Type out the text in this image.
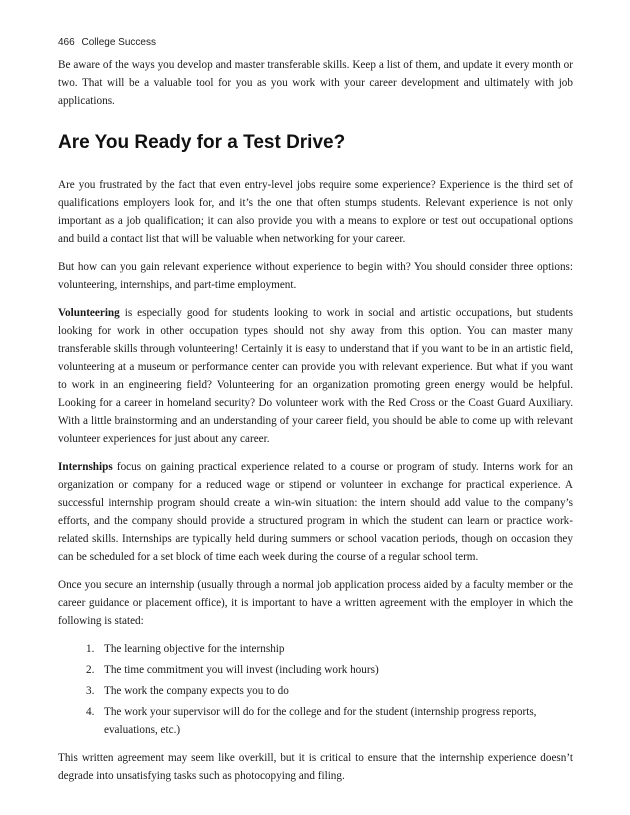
466 College Success

Be aware of the ways you develop and master transferable skills. Keep a list of them, and update it every month or two. That will be a valuable tool for you as you work with your career development and ultimately with job applications.

Are You Ready for a Test Drive?

Are you frustrated by the fact that even entry-level jobs require some experience? Experience is the third set of qualifications employers look for, and it’s the one that often stumps students. Relevant experience is not only important as a job qualification; it can also provide you with a means to explore or test out occupational options and build a contact list that will be valuable when networking for your career.

But how can you gain relevant experience without experience to begin with? You should consider three options: volunteering, internships, and part-time employment.

Volunteering is especially good for students looking to work in social and artistic occupations, but students looking for work in other occupation types should not shy away from this option. You can master many transferable skills through volunteering! Certainly it is easy to understand that if you want to be in an artistic field, volunteering at a museum or performance center can provide you with relevant experience. But what if you want to work in an engineering field? Volunteering for an organization promoting green energy would be helpful. Looking for a career in homeland security? Do volunteer work with the Red Cross or the Coast Guard Auxiliary. With a little brainstorming and an understanding of your career field, you should be able to come up with relevant volunteer experiences for just about any career.

Internships focus on gaining practical experience related to a course or program of study. Interns work for an organization or company for a reduced wage or stipend or volunteer in exchange for practical experience. A successful internship program should create a win-win situation: the intern should add value to the company’s efforts, and the company should provide a structured program in which the student can learn or practice work-related skills. Internships are typically held during summers or school vacation periods, though on occasion they can be scheduled for a set block of time each week during the course of a regular school term.

Once you secure an internship (usually through a normal job application process aided by a faculty member or the career guidance or placement office), it is important to have a written agreement with the employer in which the following is stated:

1. The learning objective for the internship
2. The time commitment you will invest (including work hours)
3. The work the company expects you to do
4. The work your supervisor will do for the college and for the student (internship progress reports, evaluations, etc.)

This written agreement may seem like overkill, but it is critical to ensure that the internship experience doesn’t degrade into unsatisfying tasks such as photocopying and filing.
